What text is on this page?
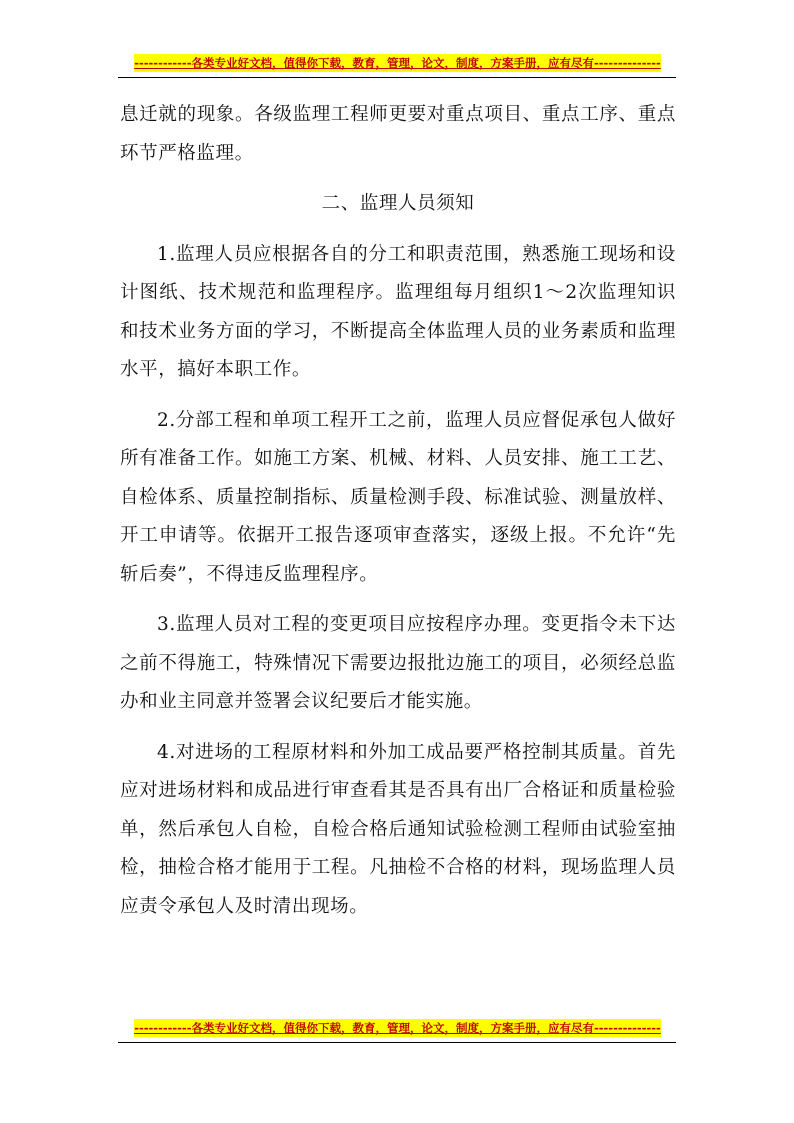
------------各类专业好文档，值得你下载，教育，管理，论文，制度，方案手册，应有尽有--------------

息迁就的现象。各级监理工程师更要对重点项目、重点工序、重点环节严格监理。

二、监理人员须知

1.监理人员应根据各自的分工和职责范围，熟悉施工现场和设计图纸、技术规范和监理程序。监理组每月组织1～2次监理知识和技术业务方面的学习，不断提高全体监理人员的业务素质和监理水平，搞好本职工作。

2.分部工程和单项工程开工之前，监理人员应督促承包人做好所有准备工作。如施工方案、机械、材料、人员安排、施工工艺、自检体系、质量控制指标、质量检测手段、标准试验、测量放样、开工申请等。依据开工报告逐项审查落实，逐级上报。不允许“先斩后奏”，不得违反监理程序。

3.监理人员对工程的变更项目应按程序办理。变更指令未下达之前不得施工，特殊情况下需要边报批边施工的项目，必须经总监办和业主同意并签署会议纪要后才能实施。

4.对进场的工程原材料和外加工成品要严格控制其质量。首先应对进场材料和成品进行审查看其是否具有出厂合格证和质量检验单，然后承包人自检，自检合格后通知试验检测工程师由试验室抽检，抽检合格才能用于工程。凡抽检不合格的材料，现场监理人员应责令承包人及时清出现场。

------------各类专业好文档，值得你下载，教育，管理，论文，制度，方案手册，应有尽有--------------
